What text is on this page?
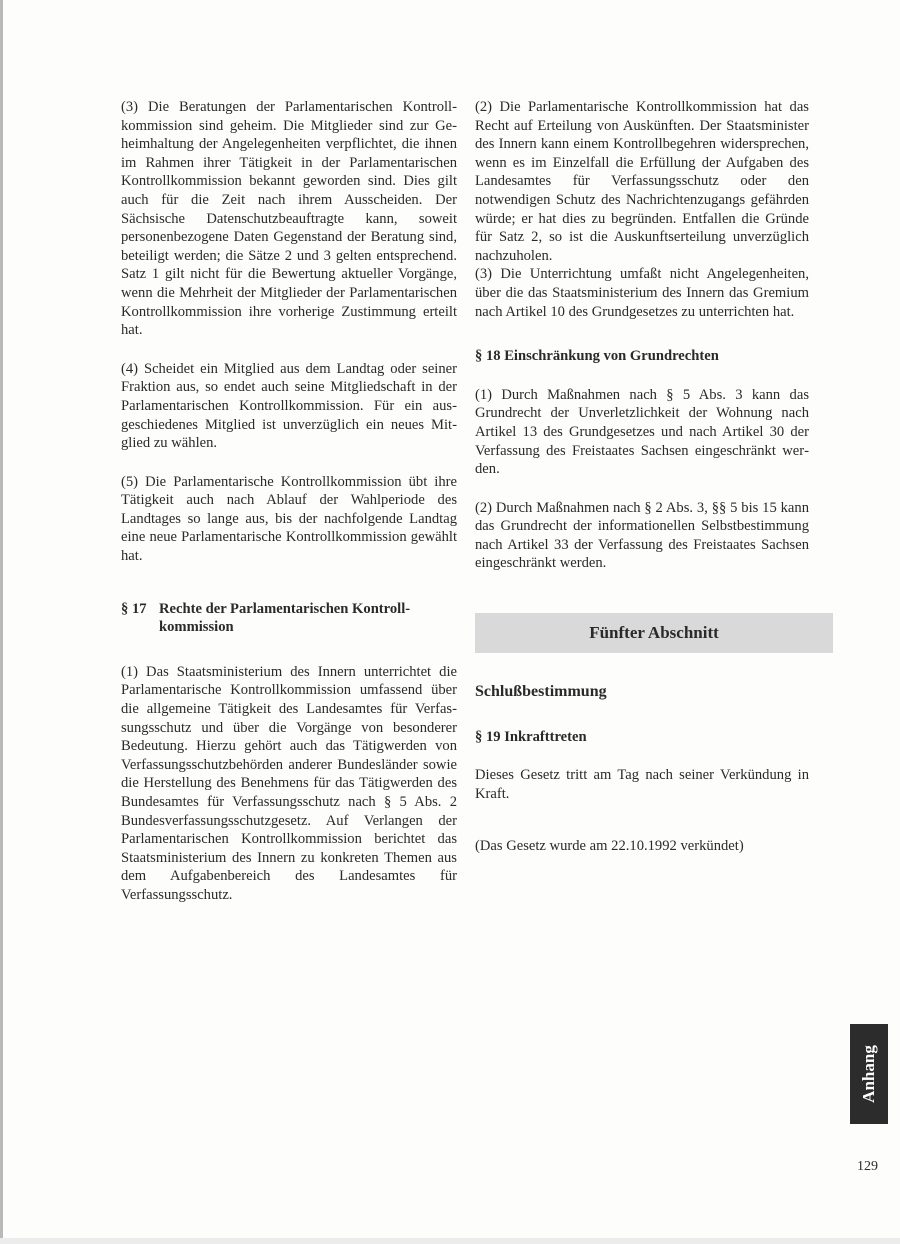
(3) Die Beratungen der Parlamentarischen Kontrollkommission sind geheim. Die Mitglieder sind zur Geheimhaltung der Angelegenheiten verpflichtet, die ihnen im Rahmen ihrer Tätigkeit in der Parlamentarischen Kontrollkommission bekannt geworden sind. Dies gilt auch für die Zeit nach ihrem Ausscheiden. Der Sächsische Datenschutzbeauftragte kann, soweit personenbezogene Daten Gegenstand der Beratung sind, beteiligt werden; die Sätze 2 und 3 gelten entsprechend. Satz 1 gilt nicht für die Bewertung aktueller Vorgänge, wenn die Mehrheit der Mitglieder der Parlamentarischen Kontrollkommission ihre vorherige Zustimmung erteilt hat.

(4) Scheidet ein Mitglied aus dem Landtag oder seiner Fraktion aus, so endet auch seine Mitgliedschaft in der Parlamentarischen Kontrollkommission. Für ein ausgeschiedenes Mitglied ist unverzüglich ein neues Mitglied zu wählen.

(5) Die Parlamentarische Kontrollkommission übt ihre Tätigkeit auch nach Ablauf der Wahlperiode des Landtages so lange aus, bis der nachfolgende Landtag eine neue Parlamentarische Kontrollkommission gewählt hat.

§ 17 Rechte der Parlamentarischen Kontrollkommission

(1) Das Staatsministerium des Innern unterrichtet die Parlamentarische Kontrollkommission umfassend über die allgemeine Tätigkeit des Landesamtes für Verfassungsschutz und über die Vorgänge von besonderer Bedeutung. Hierzu gehört auch das Tätigwerden von Verfassungsschutzbehörden anderer Bundesländer sowie die Herstellung des Benehmens für das Tätigwerden des Bundesamtes für Verfassungsschutz nach § 5 Abs. 2 Bundesverfassungsschutzgesetz. Auf Verlangen der Parlamentarischen Kontrollkommission berichtet das Staatsministerium des Innern zu konkreten Themen aus dem Aufgabenbereich des Landesamtes für Verfassungsschutz.

(2) Die Parlamentarische Kontrollkommission hat das Recht auf Erteilung von Auskünften. Der Staatsminister des Innern kann einem Kontrollbegehren widersprechen, wenn es im Einzelfall die Erfüllung der Aufgaben des Landesamtes für Verfassungsschutz oder den notwendigen Schutz des Nachrichtenzugangs gefährden würde; er hat dies zu begründen. Entfallen die Gründe für Satz 2, so ist die Auskunftserteilung unverzüglich nachzuholen.

(3) Die Unterrichtung umfaßt nicht Angelegenheiten, über die das Staatsministerium des Innern das Gremium nach Artikel 10 des Grundgesetzes zu unterrichten hat.

§ 18 Einschränkung von Grundrechten

(1) Durch Maßnahmen nach § 5 Abs. 3 kann das Grundrecht der Unverletzlichkeit der Wohnung nach Artikel 13 des Grundgesetzes und nach Artikel 30 der Verfassung des Freistaates Sachsen eingeschränkt werden.

(2) Durch Maßnahmen nach § 2 Abs. 3, §§ 5 bis 15 kann das Grundrecht der informationellen Selbstbestimmung nach Artikel 33 der Verfassung des Freistaates Sachsen eingeschränkt werden.

Fünfter Abschnitt

Schlußbestimmung

§ 19 Inkrafttreten

Dieses Gesetz tritt am Tag nach seiner Verkündung in Kraft.

(Das Gesetz wurde am 22.10.1992 verkündet)

Anhang
129
